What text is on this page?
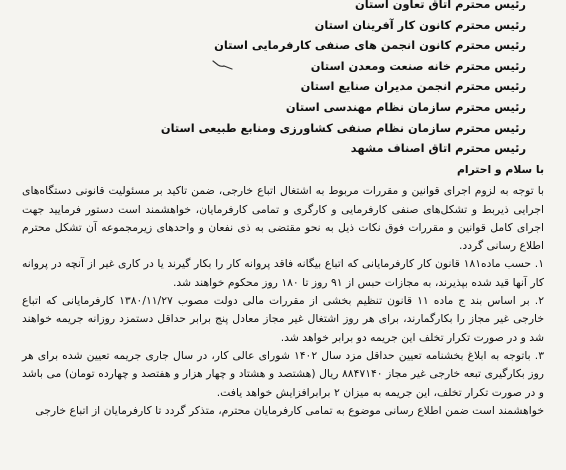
رئیس محترم اتاق تعاون استان
رئیس محترم کانون کار آفرینان استان
رئیس محترم کانون انجمن های صنفی کارفرمایی استان
رئیس محترم خانه صنعت ومعدن استان
رئیس محترم انجمن مدیران صنایع استان
رئیس محترم سازمان نظام مهندسی استان
رئیس محترم سازمان نظام صنفی کشاورزی ومنابع طبیعی استان
رئیس محترم اتاق اصناف مشهد
با سلام و احترام

با توجه به لزوم اجرای قوانین و مقررات مربوط به اشتغال اتباع خارجی، ضمن تاکید بر مسئولیت قانونی دستگاه‌های اجرایی ذیربط و تشکل‌های صنفی کارفرمایی و کارگری و تمامی کارفرمایان، خواهشمند است دستور فرمایید جهت اجرای کامل قوانین و مقررات فوق نکات ذیل به نحو مقتضی به ذی نفعان و واحدهای زیرمجموعه آن تشکل محترم اطلاع رسانی گردد.

۱. حسب ماده۱۸۱ قانون کار کارفرمایانی که اتباع بیگانه فاقد پروانه کار را بکار گیرند یا در کاری غیر از آنچه در پروانه کار آنها قید شده بپذیرند، به مجازات حبس از ۹۱ روز تا ۱۸۰ روز محکوم خواهند شد.

۲. بر اساس بند ج ماده ۱۱ قانون تنظیم بخشی از مقررات مالی دولت مصوب ۱۳۸۰/۱۱/۲۷ کارفرمایانی که اتباع خارجی غیر مجاز را بکارگمارند، برای هر روز اشتغال غیر مجاز معادل پنج برابر حداقل دستمزد روزانه جریمه خواهند شد و در صورت تکرار تخلف این جریمه دو برابر خواهد شد.

۳. باتوجه به ابلاغ بخشنامه تعیین حداقل مزد سال ۱۴۰۲ شورای عالی کار، در سال جاری جریمه تعیین شده برای هر روز بکارگیری تبعه خارجی غیر مجاز ۸۸۴۷۱۴۰ ریال (هشتصد و هشتاد و چهار هزار و هفتصد و چهارده تومان) می باشد و در صورت تکرار تخلف، این جریمه به میزان ۲ برابرافزایش خواهد یافت.

خواهشمند است ضمن اطلاع رسانی موضوع به تمامی کارفرمایان محترم، متذکر گردد تا کارفرمایان از اتباع خارجی
